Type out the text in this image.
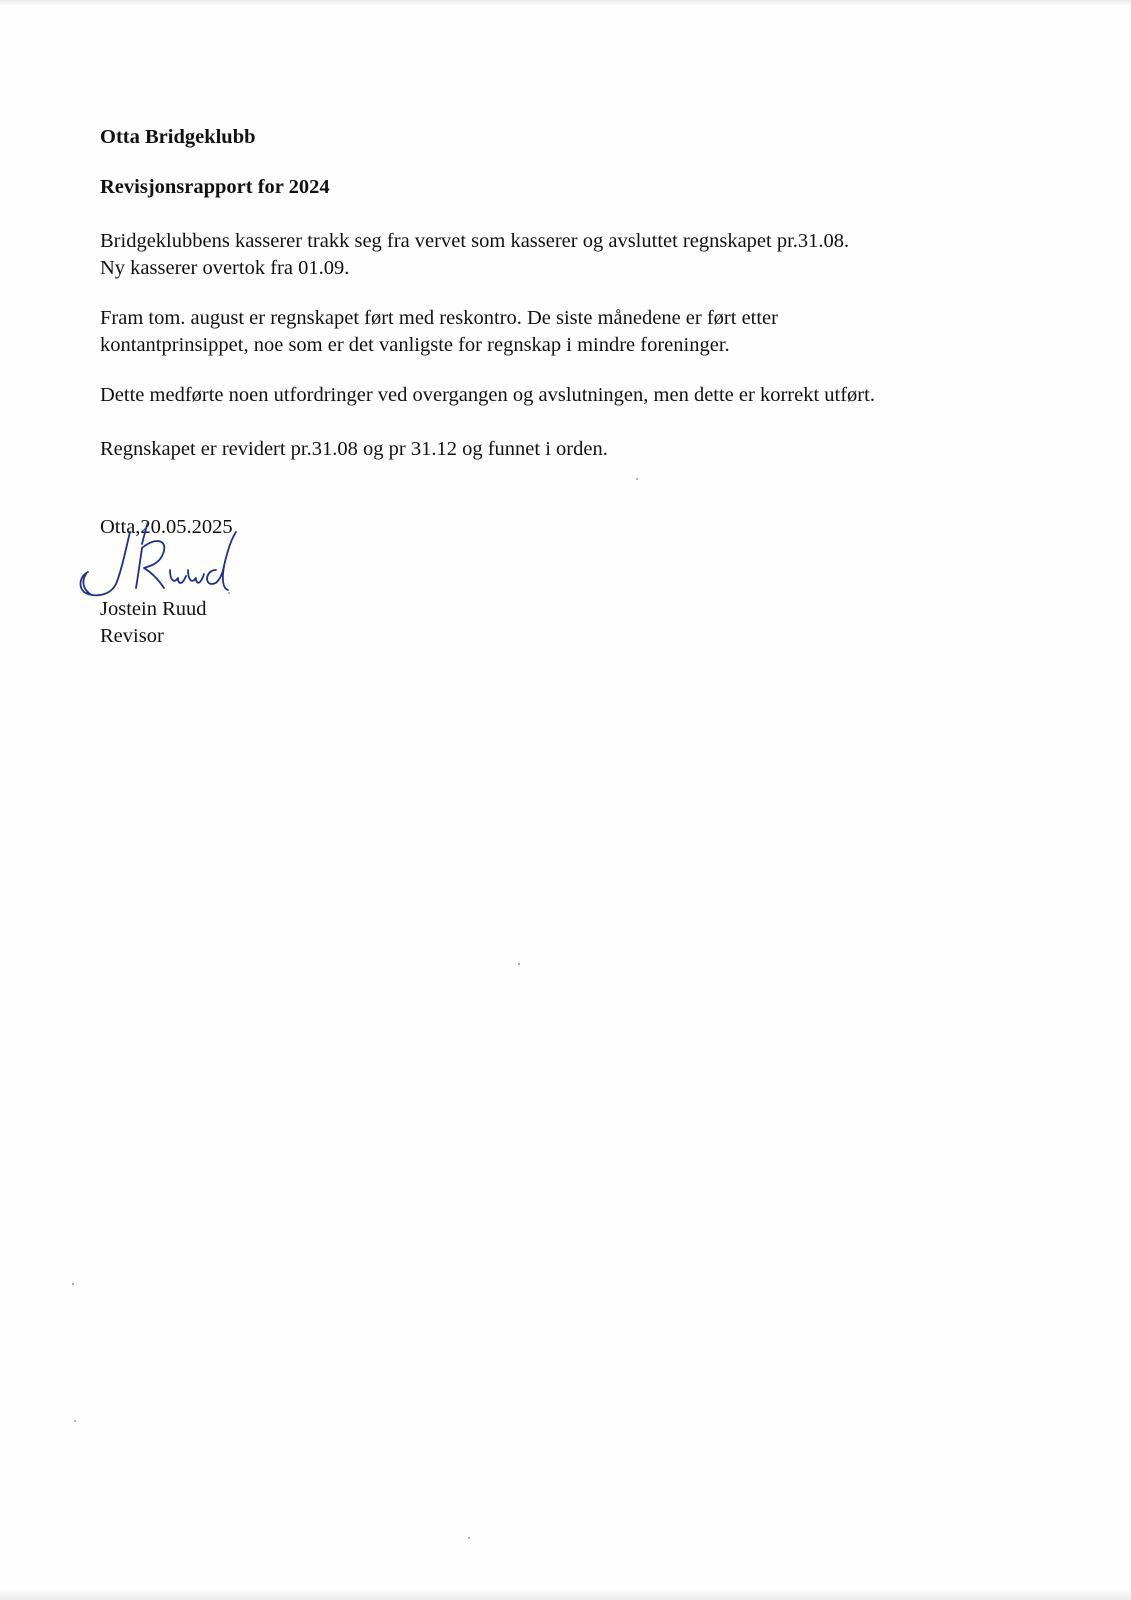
Otta Bridgeklubb

Revisjonsrapport for 2024

Bridgeklubbens kasserer trakk seg fra vervet som kasserer og avsluttet regnskapet pr.31.08.

Ny kasserer overtok fra 01.09.

Fram tom. august er regnskapet ført med reskontro. De siste månedene er ført etter

kontantprinsippet, noe som er det vanligste for regnskap i mindre foreninger.

Dette medførte noen utfordringer ved overgangen og avslutningen, men dette er korrekt utført.

Regnskapet er revidert pr.31.08 og pr 31.12 og funnet i orden.

Otta,20.05.2025

Jostein Ruud

Revisor
